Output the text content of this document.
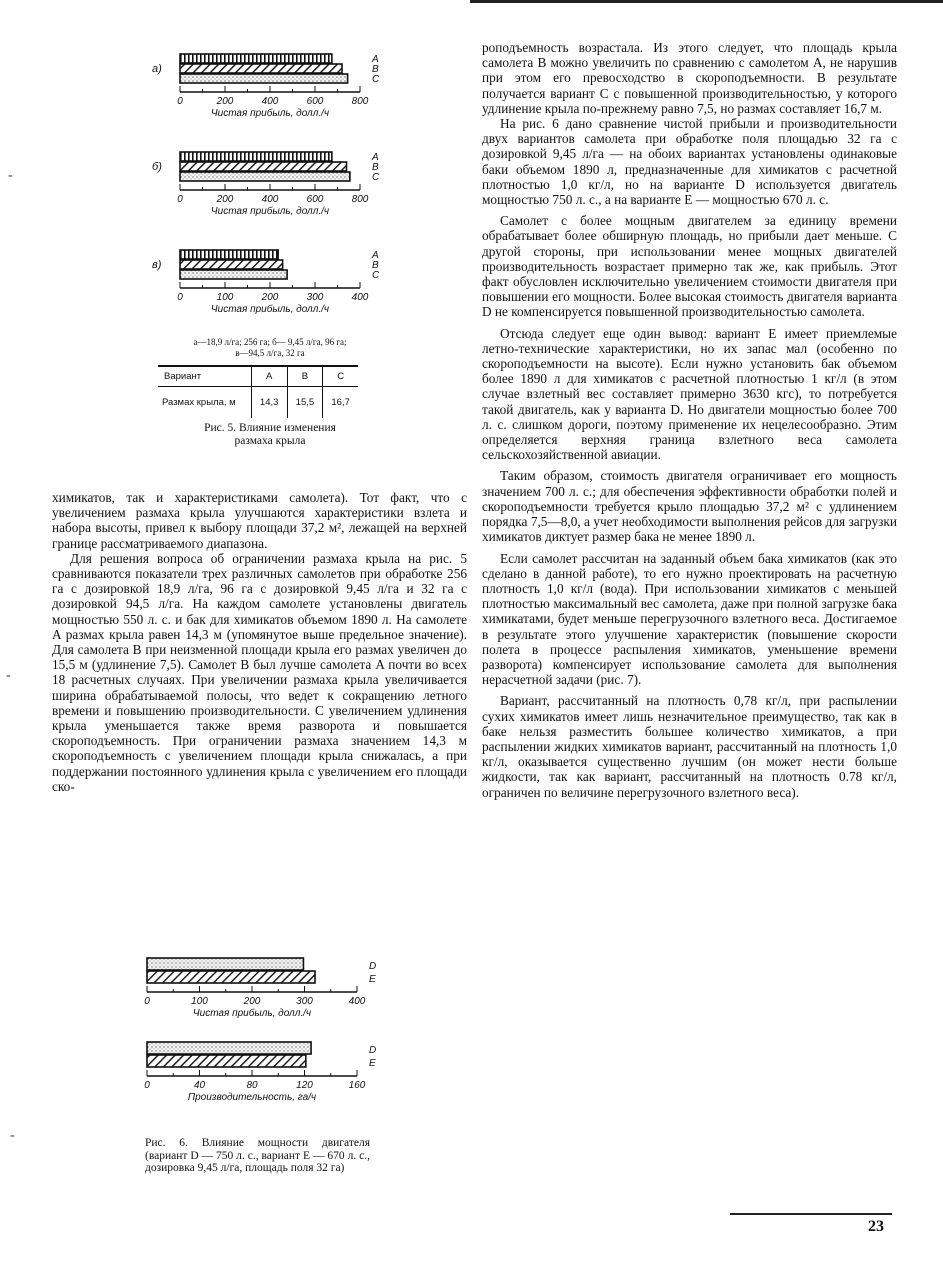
‐
‐
‐
A
B
C
0	200	400	600	800
Чистая прибыль, долл./ч
а)
A
B
C
0	200	400	600	800
Чистая прибыль, долл./ч
б)
A
B
C
0	100	200	300	400
Чистая прибыль, долл./ч
в)
а—18,9 л/га; 256 га; б— 9,45 л/га, 96 га;
в—94,5 л/га, 32 га
Вариант	A	B	C
Размах крыла, м	14,3	15,5	16,7
Рис. 5. Влияние изменения
размаха крыла

химикатов, так и характеристиками самолета). Тот факт, что с увеличением размаха крыла улучшаются характеристики взлета и набора высоты, привел к выбору площади 37,2 м², лежащей на верхней границе рассматриваемого диапазона.

Для решения вопроса об ограничении размаха крыла на рис. 5 сравниваются показатели трех различных самолетов при обработке 256 га с дозировкой 18,9 л/га, 96 га с дозировкой 9,45 л/га и 32 га с дозировкой 94,5 л/га. На каждом самолете установлены двигатель мощностью 550 л. с. и бак для химикатов объемом 1890 л. На самолете A размах крыла равен 14,3 м (упомянутое выше предельное значение). Для самолета B при неизменной площади крыла его размах увеличен до 15,5 м (удлинение 7,5). Самолет B был лучше самолета A почти во всех 18 расчетных случаях. При увеличении размаха крыла увеличивается ширина обрабатываемой полосы, что ведет к сокращению летного времени и повышению производительности. С увеличением удлинения крыла уменьшается также время разворота и повышается скороподъемность. При ограничении размаха значением 14,3 м скороподъемность с увеличением площади крыла снижалась, а при поддержании постоянного удлинения крыла с увеличением его площади ско-

D
E
0	100	200	300	400
Чистая прибыль, долл./ч
D
E
0	40	80	120	160
Производительность, га/ч
Рис. 6. Влияние мощности двигателя (вариант D — 750 л. с., вариант E — 670 л. с., дозировка 9,45 л/га, площадь поля 32 га)

роподъемность возрастала. Из этого следует, что площадь крыла самолета B можно увеличить по сравнению с самолетом A, не нарушив при этом его превосходство в скороподъемности. В результате получается вариант C с повышенной производительностью, у которого удлинение крыла по-прежнему равно 7,5, но размах составляет 16,7 м.

На рис. 6 дано сравнение чистой прибыли и производительности двух вариантов самолета при обработке поля площадью 32 га с дозировкой 9,45 л/га — на обоих вариантах установлены одинаковые баки объемом 1890 л, предназначенные для химикатов с расчетной плотностью 1,0 кг/л, но на варианте D используется двигатель мощностью 750 л. с., а на варианте E — мощностью 670 л. с.

Самолет с более мощным двигателем за единицу времени обрабатывает более обширную площадь, но прибыли дает меньше. С другой стороны, при использовании менее мощных двигателей производительность возрастает примерно так же, как прибыль. Этот факт обусловлен исключительно увеличением стоимости двигателя при повышении его мощности. Более высокая стоимость двигателя варианта D не компенсируется повышенной производительностью самолета.

Отсюда следует еще один вывод: вариант E имеет приемлемые летно-технические характеристики, но их запас мал (особенно по скороподъемности на высоте). Если нужно установить бак объемом более 1890 л для химикатов с расчетной плотностью 1 кг/л (в этом случае взлетный вес составляет примерно 3630 кгс), то потребуется такой двигатель, как у варианта D. Но двигатели мощностью более 700 л. с. слишком дороги, поэтому применение их нецелесообразно. Этим определяется верхняя граница взлетного веса самолета сельскохозяйственной авиации.

Таким образом, стоимость двигателя ограничивает его мощность значением 700 л. с.; для обеспечения эффективности обработки полей и скороподъемности требуется крыло площадью 37,2 м² с удлинением порядка 7,5—8,0, а учет необходимости выполнения рейсов для загрузки химикатов диктует размер бака не менее 1890 л.

Если самолет рассчитан на заданный объем бака химикатов (как это сделано в данной работе), то его нужно проектировать на расчетную плотность 1,0 кг/л (вода). При использовании химикатов с меньшей плотностью максимальный вес самолета, даже при полной загрузке бака химикатами, будет меньше перегрузочного взлетного веса. Достигаемое в результате этого улучшение характеристик (повышение скорости полета в процессе распыления химикатов, уменьшение времени разворота) компенсирует использование самолета для выполнения нерасчетной задачи (рис. 7).

Вариант, рассчитанный на плотность 0,78 кг/л, при распылении сухих химикатов имеет лишь незначительное преимущество, так как в баке нельзя разместить большее количество химикатов, а при распылении жидких химикатов вариант, рассчитанный на плотность 1,0 кг/л, оказывается существенно лучшим (он может нести больше жидкости, так как вариант, рассчитанный на плотность 0.78 кг/л, ограничен по величине перегрузочного взлетного веса).

23
